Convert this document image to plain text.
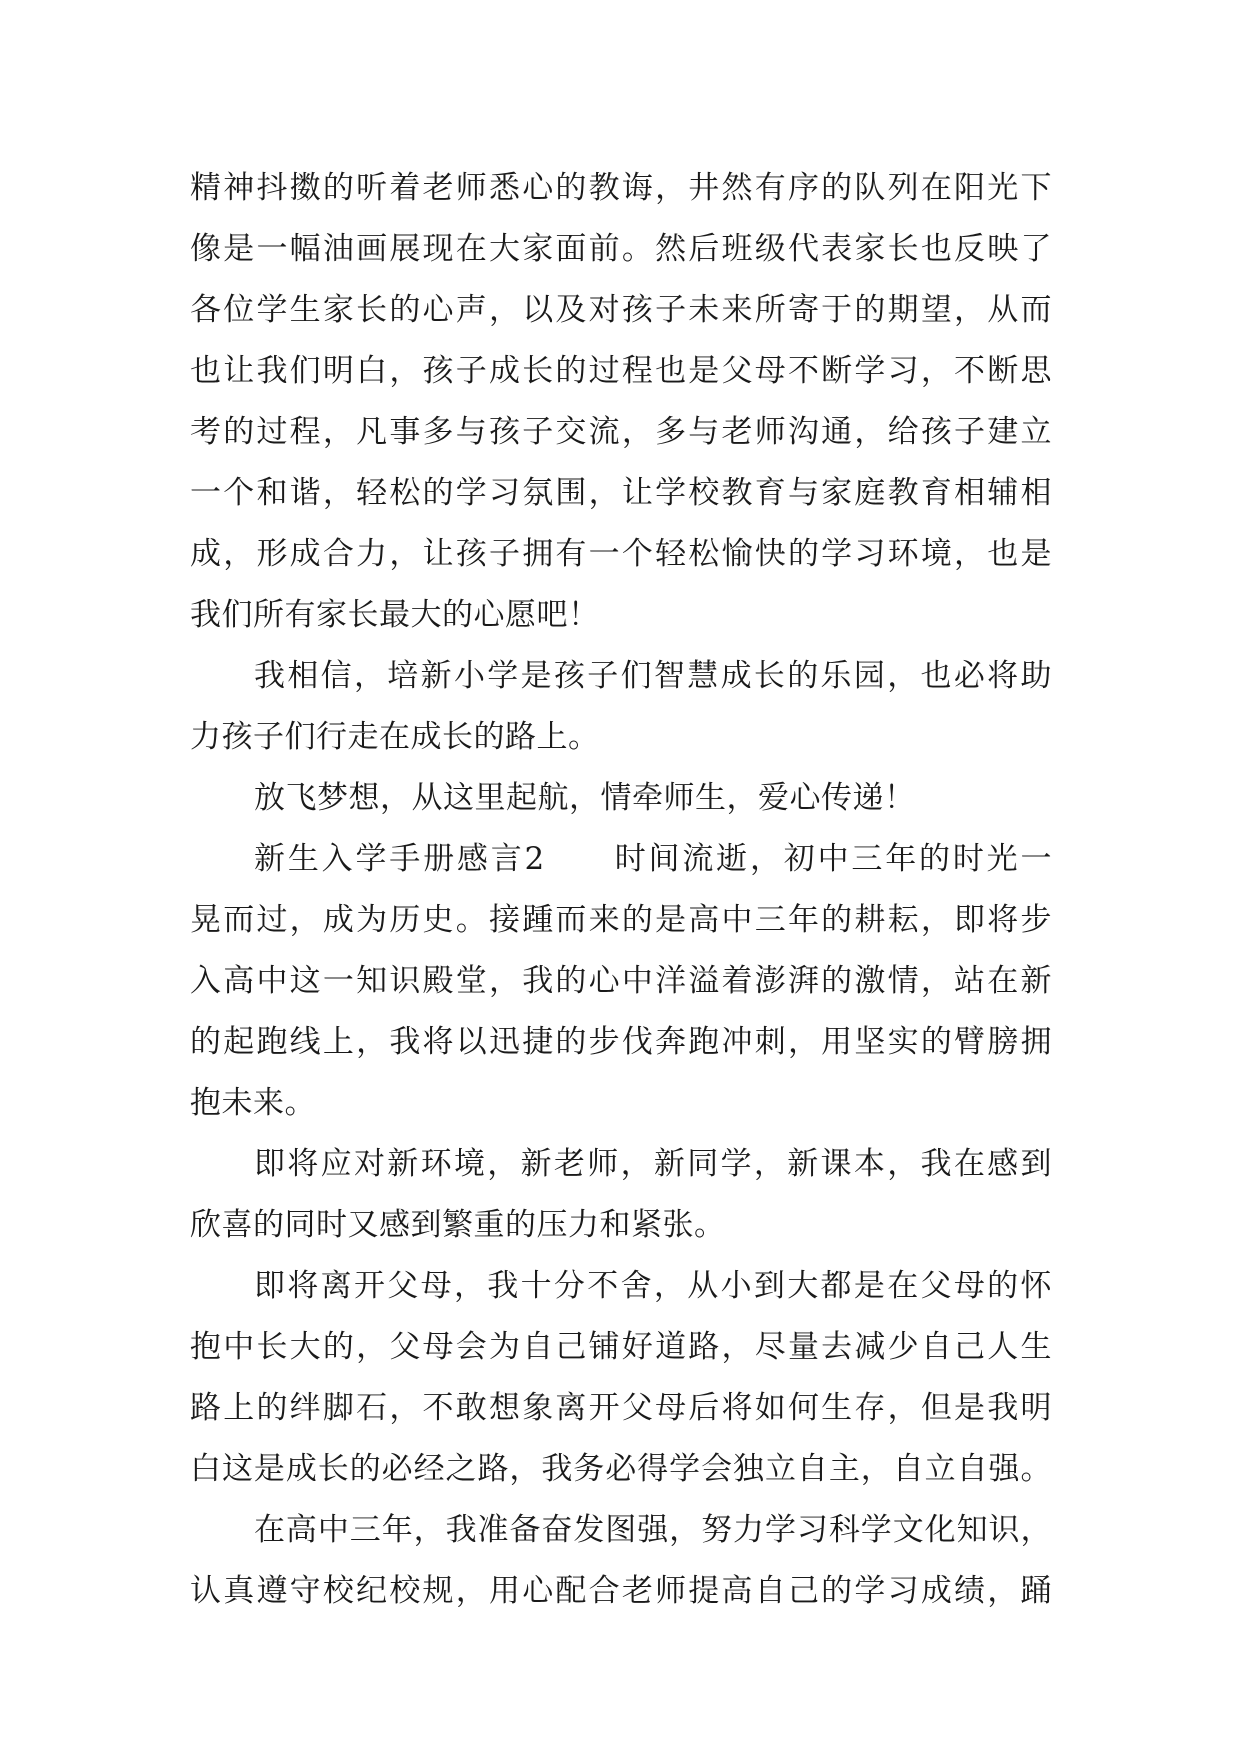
精神抖擞的听着老师悉心的教诲，井然有序的队列在阳光下
像是一幅油画展现在大家面前。然后班级代表家长也反映了
各位学生家长的心声，以及对孩子未来所寄于的期望，从而
也让我们明白，孩子成长的过程也是父母不断学习，不断思
考的过程，凡事多与孩子交流，多与老师沟通，给孩子建立
一个和谐，轻松的学习氛围，让学校教育与家庭教育相辅相
成，形成合力，让孩子拥有一个轻松愉快的学习环境，也是
我们所有家长最大的心愿吧！
我相信，培新小学是孩子们智慧成长的乐园，也必将助
力孩子们行走在成长的路上。
放飞梦想，从这里起航，情牵师生，爱心传递！
新生入学手册感言2　　时间流逝，初中三年的时光一
晃而过，成为历史。接踵而来的是高中三年的耕耘，即将步
入高中这一知识殿堂，我的心中洋溢着澎湃的激情，站在新
的起跑线上，我将以迅捷的步伐奔跑冲刺，用坚实的臂膀拥
抱未来。
即将应对新环境，新老师，新同学，新课本，我在感到
欣喜的同时又感到繁重的压力和紧张。
即将离开父母，我十分不舍，从小到大都是在父母的怀
抱中长大的，父母会为自己铺好道路，尽量去减少自己人生
路上的绊脚石，不敢想象离开父母后将如何生存，但是我明
白这是成长的必经之路，我务必得学会独立自主，自立自强。
在高中三年，我准备奋发图强，努力学习科学文化知识，
认真遵守校纪校规，用心配合老师提高自己的学习成绩，踊
